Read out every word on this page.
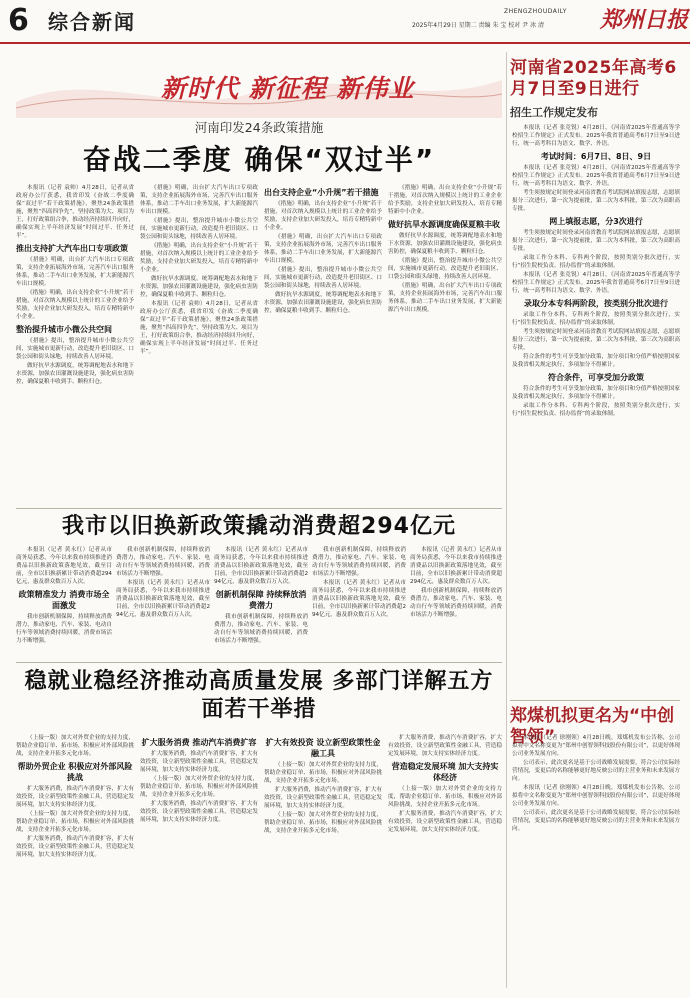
6 综合新闻	2025年4月29日 星期二 责编 朱 宝 校对 尹 冰 清
ZHENGZHOUDAILY 郑州日报
新时代 新征程 新伟业
河南印发24条政策措施
奋战二季度 确保“双过半”
河南省2025年高考6月7日至9日进行
招生工作规定发布

本报讯（记者 袁帅）4月28日，记者从省政府办公厅获悉，我省印发《奋战二季度确保“双过半”若干政策措施》，聚焦24条政策措施，聚焦“四高四争先”，坚持政策为大、项目为王，打好政策组合拳，推动经济持续回升向好，确保实现上半年经济发展“时间过半、任务过半”。

推出支持扩大汽车出口专项政策

《措施》明确，出台扩大汽车出口专项政策，支持企业拓展海外市场，完善汽车出口服务体系，推动二手车出口业务发展，扩大新能源汽车出口规模。

《措施》明确，出台支持企业“小升规”若干措施，对首次纳入规模以上统计的工业企业给予奖励，支持企业加大研发投入，培育专精特新中小企业。

整治提升城市小微公共空间

《措施》提出，整治提升城市小微公共空间，实施城市更新行动，改造提升老旧街区、口袋公园和街头绿地，持续改善人居环境。

做好抗旱水源调度，统筹调配地表水和地下水资源，加强农田灌溉设施建设，强化病虫害防控，确保夏粮丰收到手、颗粒归仓。

《措施》明确，出台扩大汽车出口专项政策，支持企业拓展海外市场，完善汽车出口服务体系，推动二手车出口业务发展，扩大新能源汽车出口规模。

《措施》提出，整治提升城市小微公共空间，实施城市更新行动，改造提升老旧街区、口袋公园和街头绿地，持续改善人居环境。

《措施》明确，出台支持企业“小升规”若干措施，对首次纳入规模以上统计的工业企业给予奖励，支持企业加大研发投入，培育专精特新中小企业。

做好抗旱水源调度，统筹调配地表水和地下水资源，加强农田灌溉设施建设，强化病虫害防控，确保夏粮丰收到手、颗粒归仓。

本报讯（记者 袁帅）4月28日，记者从省政府办公厅获悉，我省印发《奋战二季度确保“双过半”若干政策措施》，聚焦24条政策措施，聚焦“四高四争先”，坚持政策为大、项目为王，打好政策组合拳，推动经济持续回升向好，确保实现上半年经济发展“时间过半、任务过半”。

出台支持企业“小升规”若干措施

《措施》明确，出台支持企业“小升规”若干措施，对首次纳入规模以上统计的工业企业给予奖励，支持企业加大研发投入，培育专精特新中小企业。

《措施》明确，出台扩大汽车出口专项政策，支持企业拓展海外市场，完善汽车出口服务体系，推动二手车出口业务发展，扩大新能源汽车出口规模。

《措施》提出，整治提升城市小微公共空间，实施城市更新行动，改造提升老旧街区、口袋公园和街头绿地，持续改善人居环境。

做好抗旱水源调度，统筹调配地表水和地下水资源，加强农田灌溉设施建设，强化病虫害防控，确保夏粮丰收到手、颗粒归仓。

《措施》明确，出台支持企业“小升规”若干措施，对首次纳入规模以上统计的工业企业给予奖励，支持企业加大研发投入，培育专精特新中小企业。

做好抗旱水源调度确保夏粮丰收

做好抗旱水源调度，统筹调配地表水和地下水资源，加强农田灌溉设施建设，强化病虫害防控，确保夏粮丰收到手、颗粒归仓。

《措施》提出，整治提升城市小微公共空间，实施城市更新行动，改造提升老旧街区、口袋公园和街头绿地，持续改善人居环境。

《措施》明确，出台扩大汽车出口专项政策，支持企业拓展海外市场，完善汽车出口服务体系，推动二手车出口业务发展，扩大新能源汽车出口规模。

本报讯（记者 张竞锐）4月28日，《河南省2025年普通高等学校招生工作规定》正式发布。2025年我省普通高考6月7日至9日进行，统一高考科目为语文、数学、外语。

考试时间：6月7日、8日、9日

本报讯（记者 张竞锐）4月28日，《河南省2025年普通高等学校招生工作规定》正式发布。2025年我省普通高考6月7日至9日进行，统一高考科目为语文、数学、外语。

考生须按规定时间登录河南省教育考试院网站填报志愿，志愿填报分三次进行，第一次为提前批，第二次为本科批，第三次为高职高专批。

网上填报志愿，分3次进行

考生须按规定时间登录河南省教育考试院网站填报志愿，志愿填报分三次进行，第一次为提前批，第二次为本科批，第三次为高职高专批。

录取工作分本科、专科两个阶段，按照类别分批次进行，实行“招生院校负责、招办监督”的录取体制。

本报讯（记者 张竞锐）4月28日，《河南省2025年普通高等学校招生工作规定》正式发布。2025年我省普通高考6月7日至9日进行，统一高考科目为语文、数学、外语。

录取分本专科两阶段，按类别分批次进行

录取工作分本科、专科两个阶段，按照类别分批次进行，实行“招生院校负责、招办监督”的录取体制。

考生须按规定时间登录河南省教育考试院网站填报志愿，志愿填报分三次进行，第一次为提前批，第二次为本科批，第三次为高职高专批。

符合条件的考生可享受加分政策，加分项目和分值严格按照国家及我省相关规定执行，多项加分不得累计。

符合条件，可享受加分政策

符合条件的考生可享受加分政策，加分项目和分值严格按照国家及我省相关规定执行，多项加分不得累计。

录取工作分本科、专科两个阶段，按照类别分批次进行，实行“招生院校负责、招办监督”的录取体制。

我市以旧换新政策撬动消费超294亿元

本报讯（记者 黄永红）记者从市商务局获悉，今年以来我市持续推进消费品以旧换新政策落地见效，截至目前，全市以旧换新累计带动消费超294亿元，惠及群众数百万人次。

政策精准发力 消费市场全面激发

我市创新机制保障，持续释放消费潜力，推动家电、汽车、家装、电动自行车等领域消费持续回暖，消费市场活力不断增强。

我市创新机制保障，持续释放消费潜力，推动家电、汽车、家装、电动自行车等领域消费持续回暖，消费市场活力不断增强。

本报讯（记者 黄永红）记者从市商务局获悉，今年以来我市持续推进消费品以旧换新政策落地见效，截至目前，全市以旧换新累计带动消费超294亿元，惠及群众数百万人次。

本报讯（记者 黄永红）记者从市商务局获悉，今年以来我市持续推进消费品以旧换新政策落地见效，截至目前，全市以旧换新累计带动消费超294亿元，惠及群众数百万人次。

创新机制保障 持续释放消费潜力

我市创新机制保障，持续释放消费潜力，推动家电、汽车、家装、电动自行车等领域消费持续回暖，消费市场活力不断增强。

我市创新机制保障，持续释放消费潜力，推动家电、汽车、家装、电动自行车等领域消费持续回暖，消费市场活力不断增强。

本报讯（记者 黄永红）记者从市商务局获悉，今年以来我市持续推进消费品以旧换新政策落地见效，截至目前，全市以旧换新累计带动消费超294亿元，惠及群众数百万人次。

本报讯（记者 黄永红）记者从市商务局获悉，今年以来我市持续推进消费品以旧换新政策落地见效，截至目前，全市以旧换新累计带动消费超294亿元，惠及群众数百万人次。

我市创新机制保障，持续释放消费潜力，推动家电、汽车、家装、电动自行车等领域消费持续回暖，消费市场活力不断增强。

稳就业稳经济推动高质量发展 多部门详解五方面若干举措

（上接一版）加大对外贸企业的支持力度，帮助企业稳订单、拓市场，积极应对外部风险挑战，支持企业开拓多元化市场。

帮助外贸企业 积极应对外部风险挑战

扩大服务消费，推动汽车消费扩容，扩大有效投资，设立新型政策性金融工具，营造稳定发展环境，加大支持实体经济力度。

（上接一版）加大对外贸企业的支持力度，帮助企业稳订单、拓市场，积极应对外部风险挑战，支持企业开拓多元化市场。

扩大服务消费，推动汽车消费扩容，扩大有效投资，设立新型政策性金融工具，营造稳定发展环境，加大支持实体经济力度。

扩大服务消费 推动汽车消费扩容

扩大服务消费，推动汽车消费扩容，扩大有效投资，设立新型政策性金融工具，营造稳定发展环境，加大支持实体经济力度。

（上接一版）加大对外贸企业的支持力度，帮助企业稳订单、拓市场，积极应对外部风险挑战，支持企业开拓多元化市场。

扩大服务消费，推动汽车消费扩容，扩大有效投资，设立新型政策性金融工具，营造稳定发展环境，加大支持实体经济力度。

扩大有效投资 设立新型政策性金融工具

（上接一版）加大对外贸企业的支持力度，帮助企业稳订单、拓市场，积极应对外部风险挑战，支持企业开拓多元化市场。

扩大服务消费，推动汽车消费扩容，扩大有效投资，设立新型政策性金融工具，营造稳定发展环境，加大支持实体经济力度。

（上接一版）加大对外贸企业的支持力度，帮助企业稳订单、拓市场，积极应对外部风险挑战，支持企业开拓多元化市场。

扩大服务消费，推动汽车消费扩容，扩大有效投资，设立新型政策性金融工具，营造稳定发展环境，加大支持实体经济力度。

营造稳定发展环境 加大支持实体经济

（上接一版）加大对外贸企业的支持力度，帮助企业稳订单、拓市场，积极应对外部风险挑战，支持企业开拓多元化市场。

扩大服务消费，推动汽车消费扩容，扩大有效投资，设立新型政策性金融工具，营造稳定发展环境，加大支持实体经济力度。

郑煤机拟更名为“中创智领”

本报讯（记者 徐刚领）4月28日晚，郑煤机发布公告称，公司拟将中文名称变更为“郑州中创智领科技股份有限公司”，以更好体现公司业务发展方向。

公司表示，此次更名是基于公司战略发展需要，符合公司实际经营情况，变更后的名称能够更好地反映公司的主营业务和未来发展方向。

本报讯（记者 徐刚领）4月28日晚，郑煤机发布公告称，公司拟将中文名称变更为“郑州中创智领科技股份有限公司”，以更好体现公司业务发展方向。

公司表示，此次更名是基于公司战略发展需要，符合公司实际经营情况，变更后的名称能够更好地反映公司的主营业务和未来发展方向。
